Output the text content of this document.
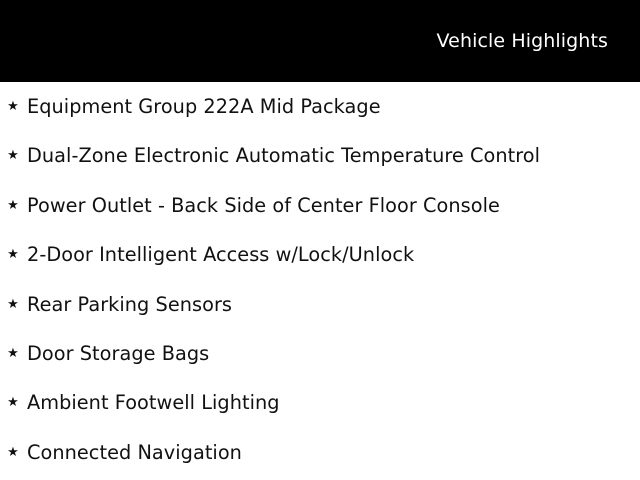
Vehicle Highlights
★ Equipment Group 222A Mid Package
★ Dual-Zone Electronic Automatic Temperature Control
★ Power Outlet - Back Side of Center Floor Console
★ 2-Door Intelligent Access w/Lock/Unlock
★ Rear Parking Sensors
★ Door Storage Bags
★ Ambient Footwell Lighting
★ Connected Navigation
